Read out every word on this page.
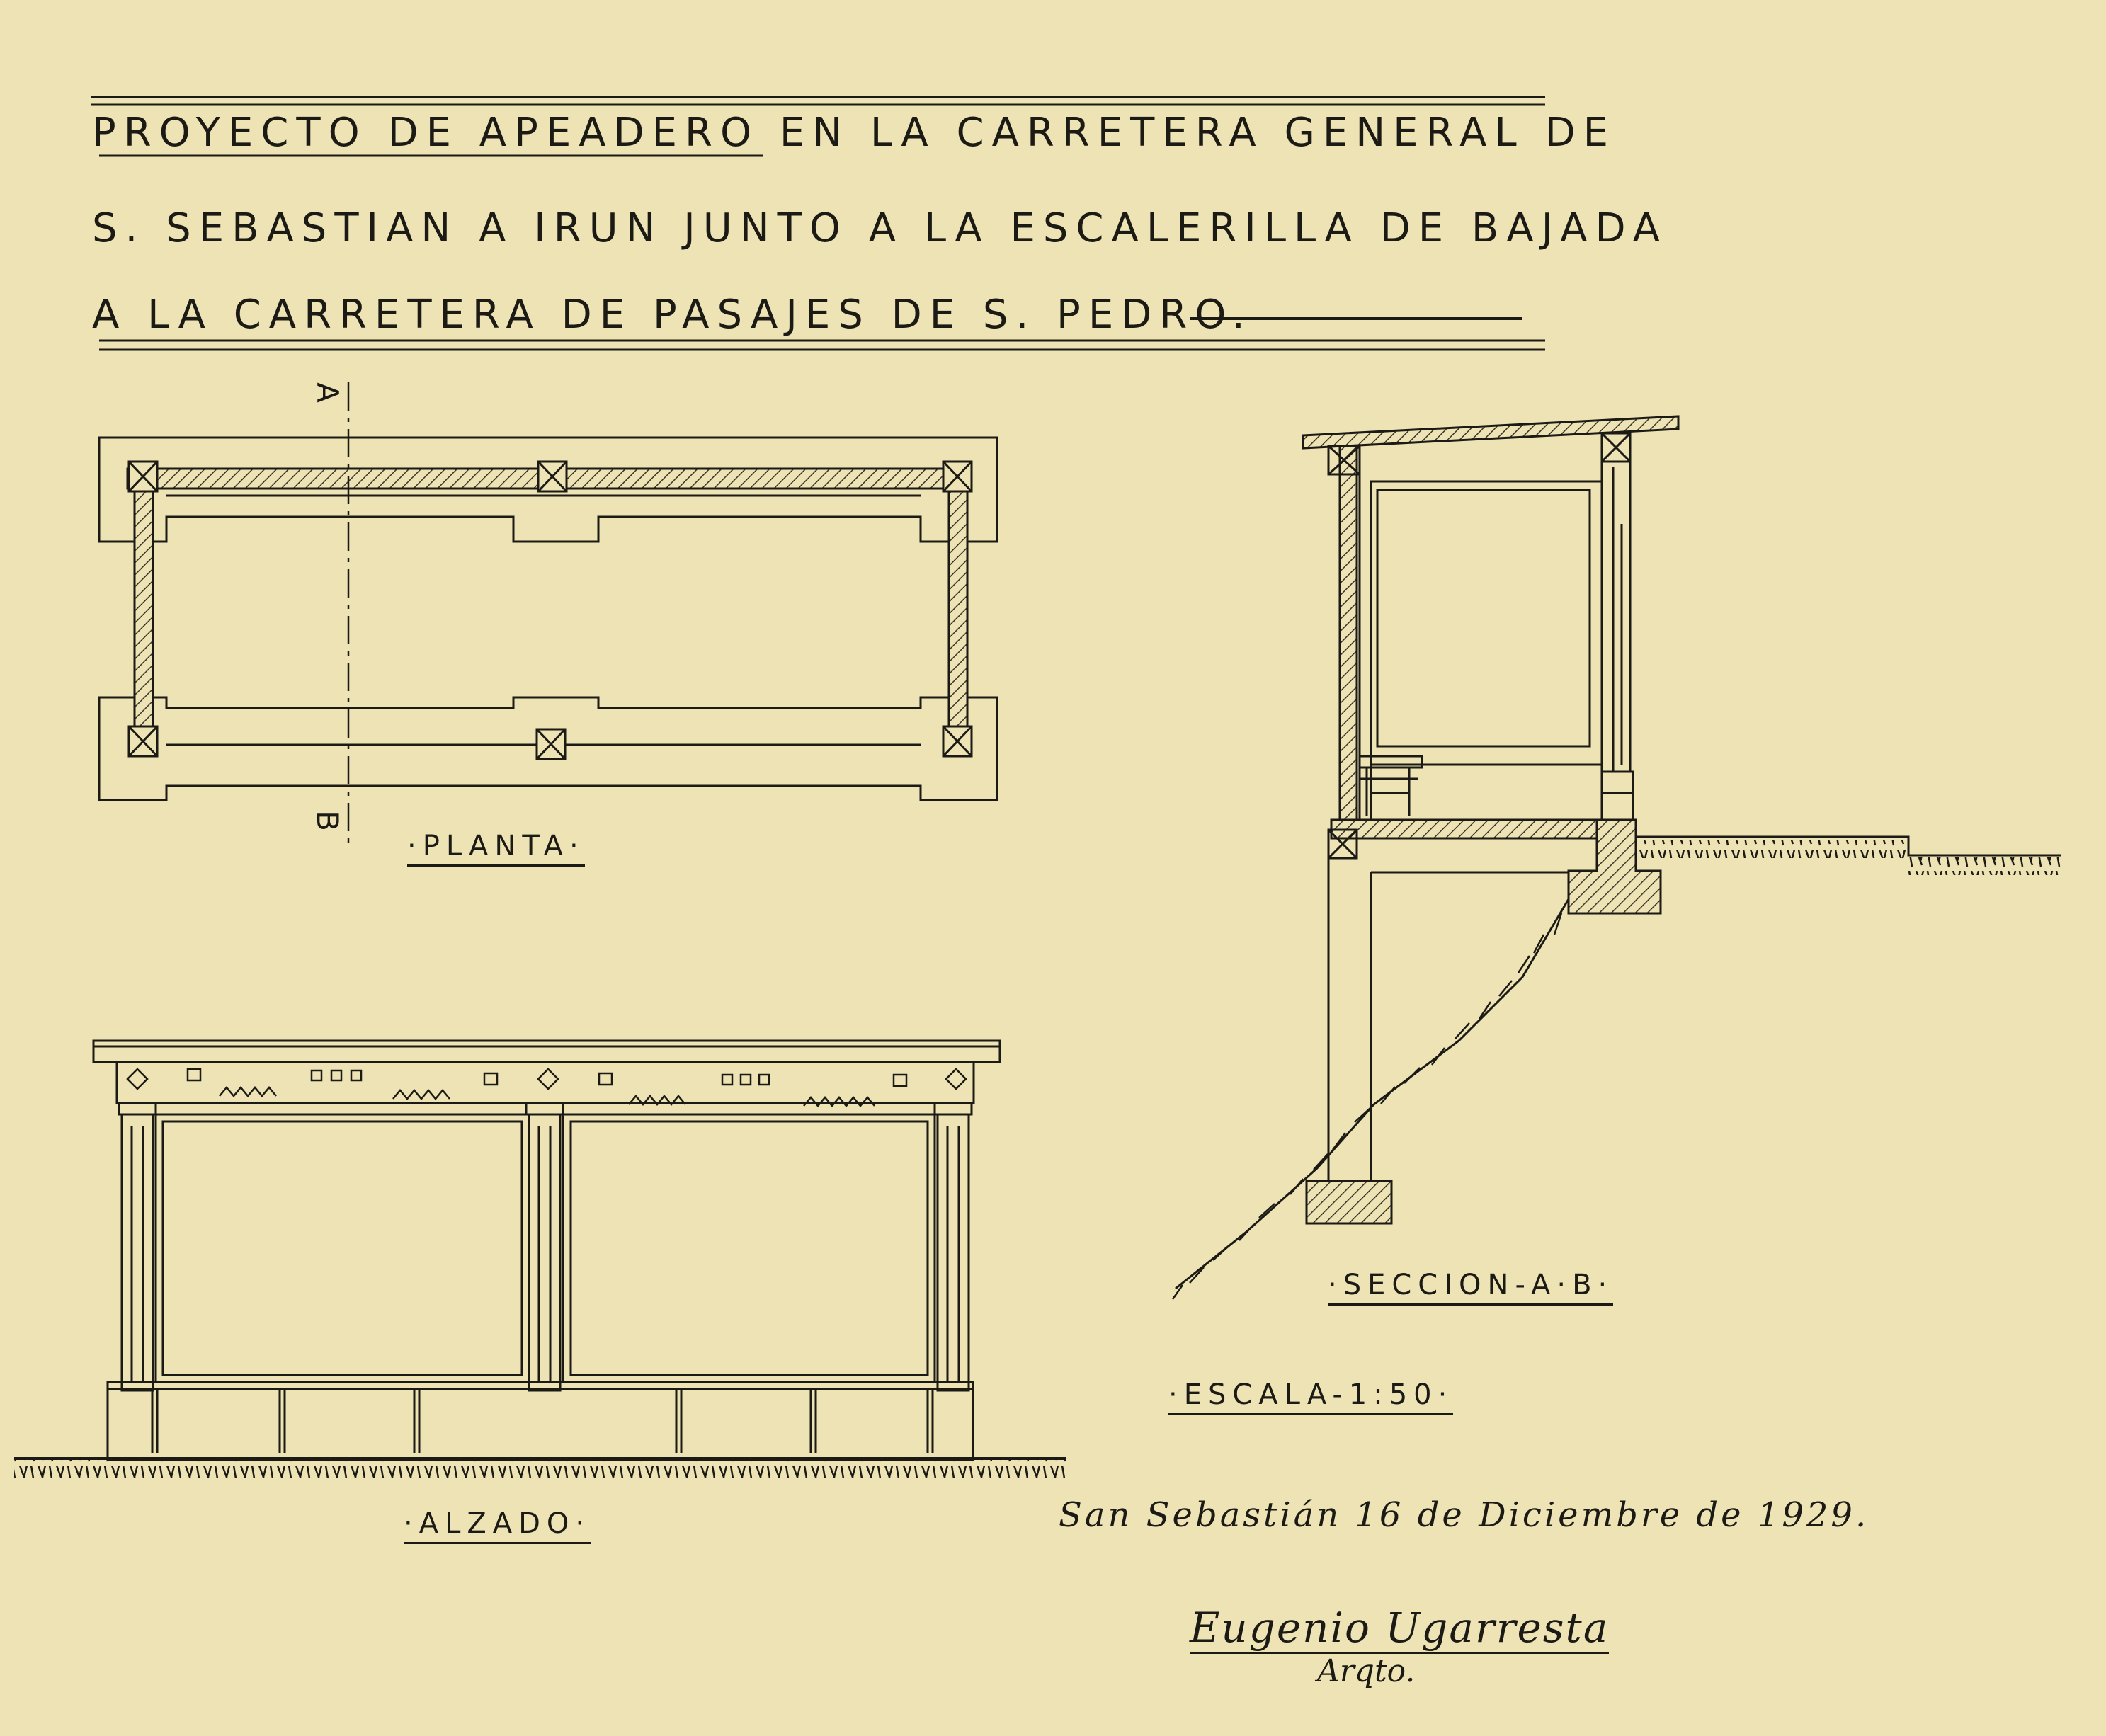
PROYECTO DE APEADERO EN LA CARRETERA GENERAL DE
S. SEBASTIAN A IRUN JUNTO A LA ESCALERILLA DE BAJADA
A LA CARRETERA DE PASAJES DE S. PEDRO.
A
B
·PLANTA·
·ALZADO·
·SECCION-A·B·
·ESCALA-1:50·
San Sebastián 16 de Diciembre de 1929.
Eugenio Ugarresta
Arqto.
